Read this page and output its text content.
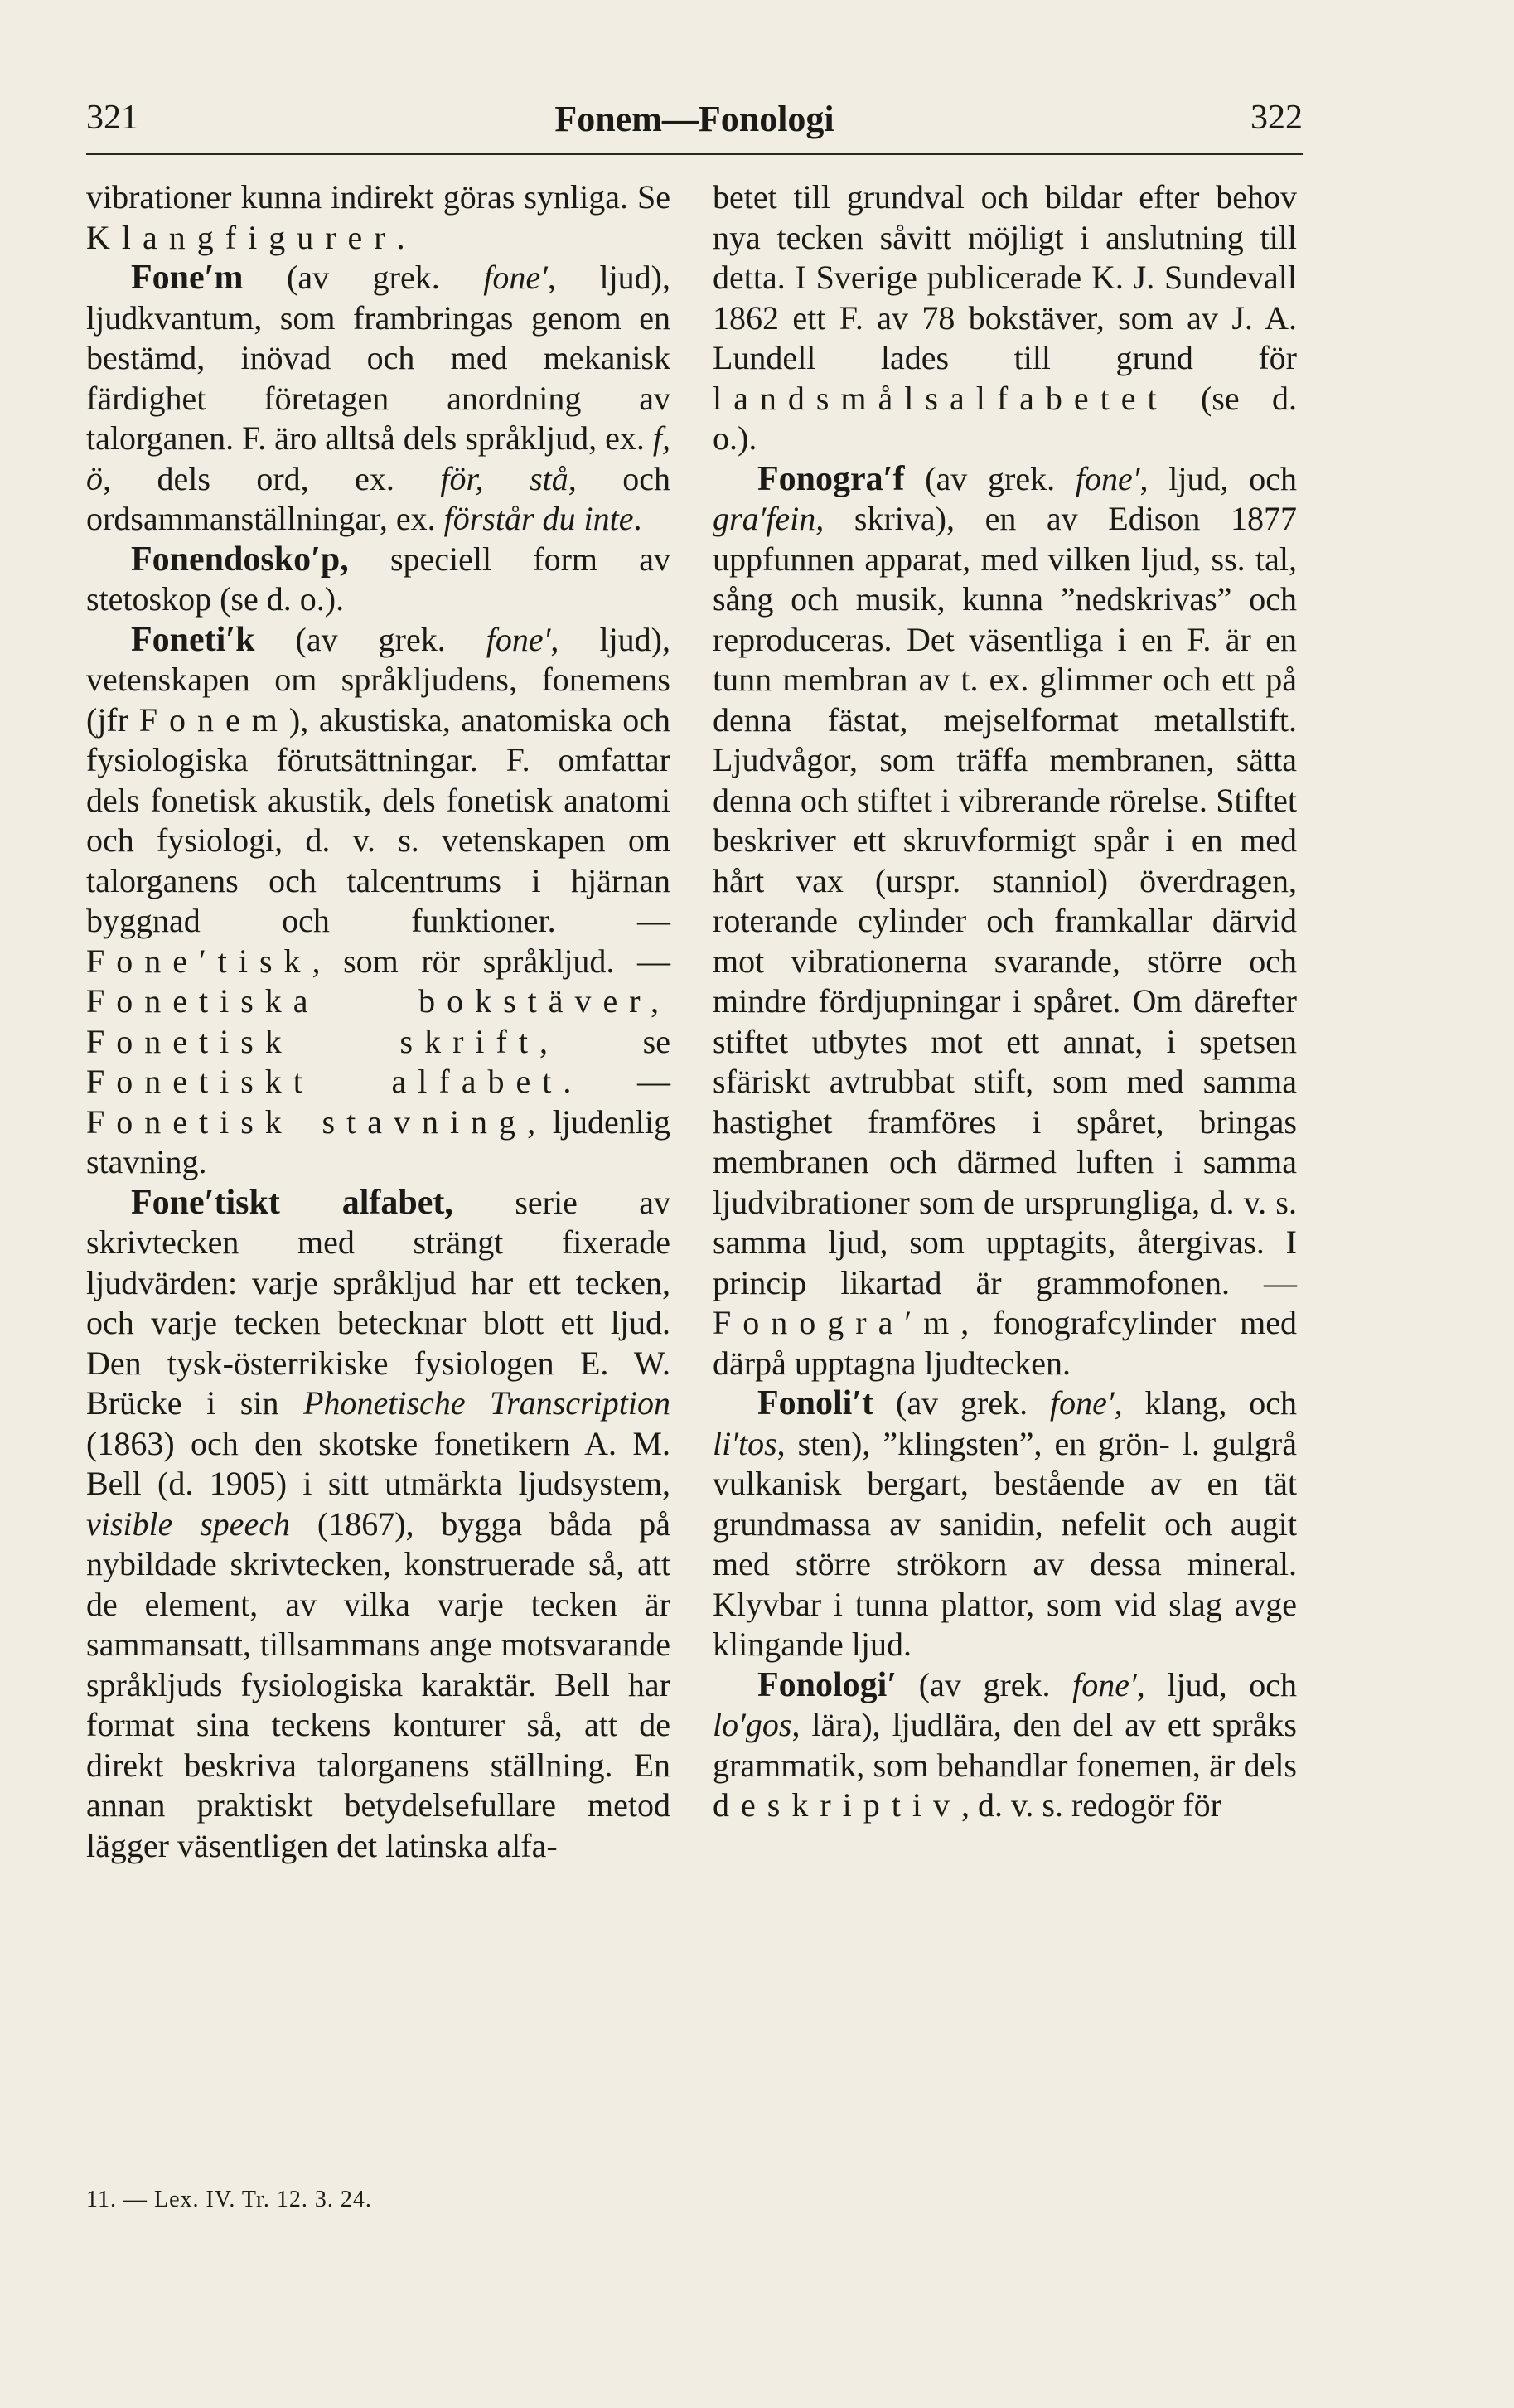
321	Fonem—Fonologi	322

vibrationer kunna indirekt göras synliga. Se Klangfigurer.

Fone′m (av grek. fone′, ljud), ljudkvantum, som frambringas genom en bestämd, inövad och med mekanisk färdighet företagen anordning av talorganen. F. äro alltså dels språkljud, ex. f, ö, dels ord, ex. för, stå, och ordsammanställningar, ex. förstår du inte.

Fonendosko′p, speciell form av stetoskop (se d. o.).

Foneti′k (av grek. fone′, ljud), vetenskapen om språkljudens, fonemens (jfr Fonem), akustiska, anatomiska och fysiologiska förutsättningar. F. omfattar dels fonetisk akustik, dels fonetisk anatomi och fysiologi, d. v. s. vetenskapen om talorganens och talcentrums i hjärnan byggnad och funktioner. — Fone′tisk, som rör språkljud. — Fonetiska bokstäver, Fonetisk skrift, se Fonetiskt alfabet. — Fonetisk stavning, ljudenlig stavning.

Fone′tiskt alfabet, serie av skrivtecken med strängt fixerade ljudvärden: varje språkljud har ett tecken, och varje tecken betecknar blott ett ljud. Den tysk-österrikiske fysiologen E. W. Brücke i sin Phonetische Transcription (1863) och den skotske fonetikern A. M. Bell (d. 1905) i sitt utmärkta ljudsystem, visible speech (1867), bygga båda på nybildade skrivtecken, konstruerade så, att de element, av vilka varje tecken är sammansatt, tillsammans ange motsvarande språkljuds fysiologiska karaktär. Bell har format sina teckens konturer så, att de direkt beskriva talorganens ställning. En annan praktiskt betydelsefullare metod lägger väsentligen det latinska alfa-

betet till grundval och bildar efter behov nya tecken såvitt möjligt i anslutning till detta. I Sverige publicerade K. J. Sundevall 1862 ett F. av 78 bokstäver, som av J. A. Lundell lades till grund för landsmålsalfabetet (se d. o.).

Fonogra′f (av grek. fone′, ljud, och gra′fein, skriva), en av Edison 1877 uppfunnen apparat, med vilken ljud, ss. tal, sång och musik, kunna ”nedskrivas” och reproduceras. Det väsentliga i en F. är en tunn membran av t. ex. glimmer och ett på denna fästat, mejselformat metallstift. Ljudvågor, som träffa membranen, sätta denna och stiftet i vibrerande rörelse. Stiftet beskriver ett skruvformigt spår i en med hårt vax (urspr. stanniol) överdragen, roterande cylinder och framkallar därvid mot vibrationerna svarande, större och mindre fördjupningar i spåret. Om därefter stiftet utbytes mot ett annat, i spetsen sfäriskt avtrubbat stift, som med samma hastighet framföres i spåret, bringas membranen och därmed luften i samma ljudvibrationer som de ursprungliga, d. v. s. samma ljud, som upptagits, återgivas. I princip likartad är grammofonen. — Fonogra′m, fonografcylinder med därpå upptagna ljudtecken.

Fonoli′t (av grek. fone′, klang, och li′tos, sten), ”klingsten”, en grön- l. gulgrå vulkanisk bergart, bestående av en tät grundmassa av sanidin, nefelit och augit med större strökorn av dessa mineral. Klyvbar i tunna plattor, som vid slag avge klingande ljud.

Fonologi′ (av grek. fone′, ljud, och lo′gos, lära), ljudlära, den del av ett språks grammatik, som behandlar fonemen, är dels deskriptiv, d. v. s. redogör för

11. — Lex. IV. Tr. 12. 3. 24.
